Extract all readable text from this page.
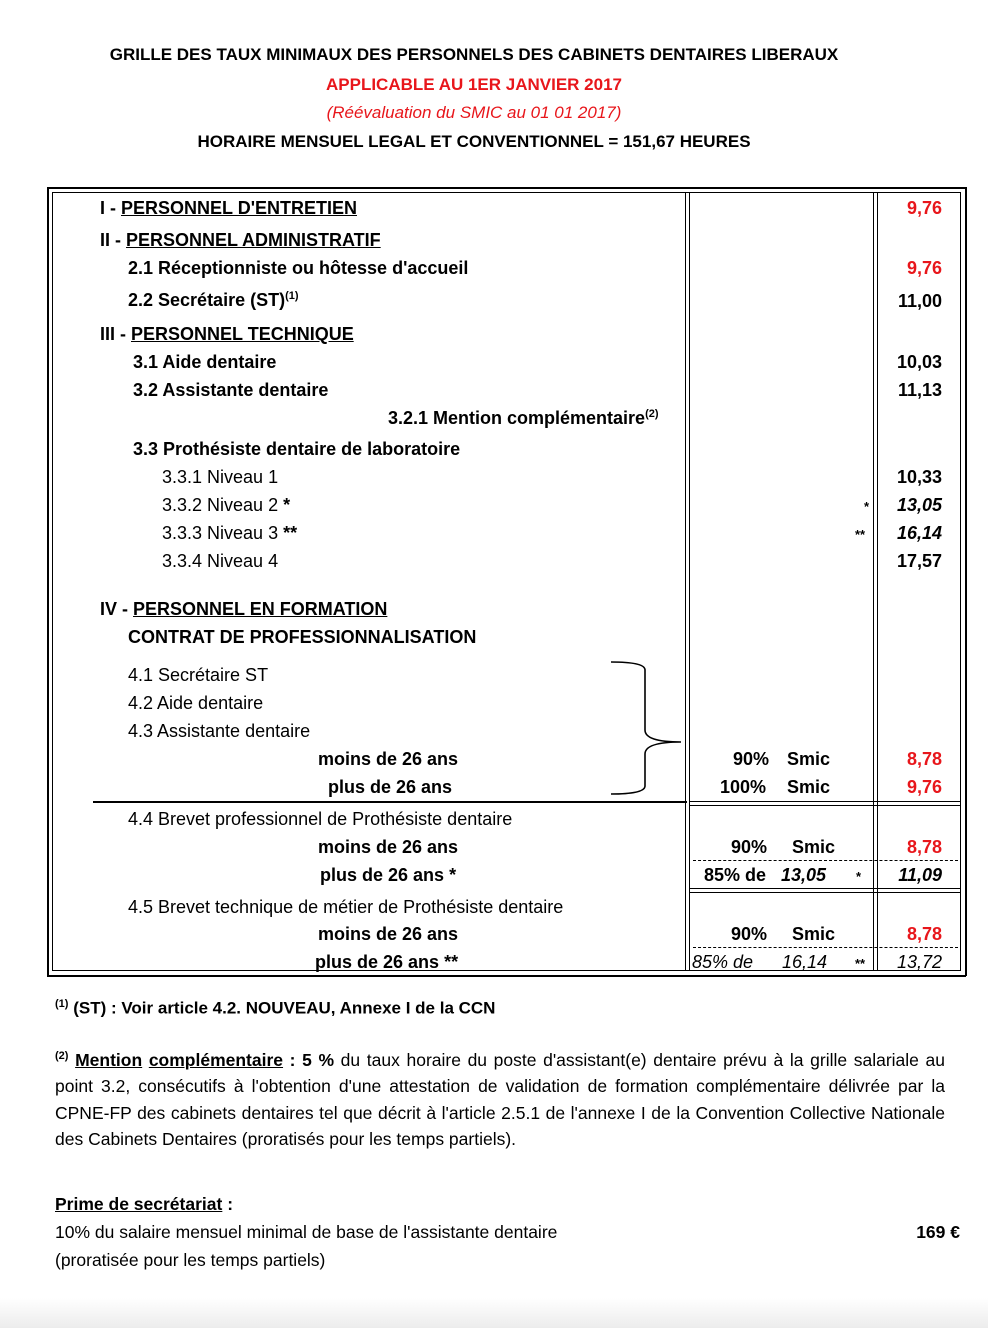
GRILLE DES TAUX MINIMAUX DES PERSONNELS DES CABINETS DENTAIRES LIBERAUX
APPLICABLE AU 1ER JANVIER 2017
(Réévaluation du SMIC au 01 01 2017)
HORAIRE MENSUEL LEGAL ET CONVENTIONNEL = 151,67 HEURES
I - PERSONNEL D'ENTRETIEN	9,76
II - PERSONNEL ADMINISTRATIF
2.1 Réceptionniste ou hôtesse d'accueil	9,76
2.2 Secrétaire (ST)$^{(1)}$	11,00
III - PERSONNEL TECHNIQUE
3.1 Aide dentaire	10,03
3.2 Assistante dentaire	11,13
3.2.1 Mention complémentaire$^{(2)}$
3.3 Prothésiste dentaire de laboratoire
3.3.1 Niveau 1	10,33
3.3.2 Niveau 2 *	* 13,05
3.3.3 Niveau 3 **	** 16,14
3.3.4 Niveau 4	17,57
IV - PERSONNEL EN FORMATION
CONTRAT DE PROFESSIONNALISATION
4.1 Secrétaire ST
4.2 Aide dentaire
4.3 Assistante dentaire
moins de 26 ans	90% Smic	8,78
plus de 26 ans	100% Smic	9,76
4.4 Brevet professionnel de Prothésiste dentaire
moins de 26 ans	90% Smic	8,78
plus de 26 ans *	85% de 13,05 * 11,09
4.5 Brevet technique de métier de Prothésiste dentaire
moins de 26 ans	90% Smic	8,78
plus de 26 ans **	85% de 16,14 ** 13,72
$^{(1)}$ (ST) : Voir article 4.2. NOUVEAU, Annexe I de la CCN
$^{(2)}$ Mention complémentaire : 5 % du taux horaire du poste d'assistant(e) dentaire prévu à la grille salariale au point 3.2, consécutifs à l'obtention d'une attestation de validation de formation complémentaire délivrée par la CPNE-FP des cabinets dentaires tel que décrit à l'article 2.5.1 de l'annexe I de la Convention Collective Nationale des Cabinets Dentaires (proratisés pour les temps partiels).
Prime de secrétariat :
10% du salaire mensuel minimal de base de l'assistante dentaire	169 €
(proratisée pour les temps partiels)
